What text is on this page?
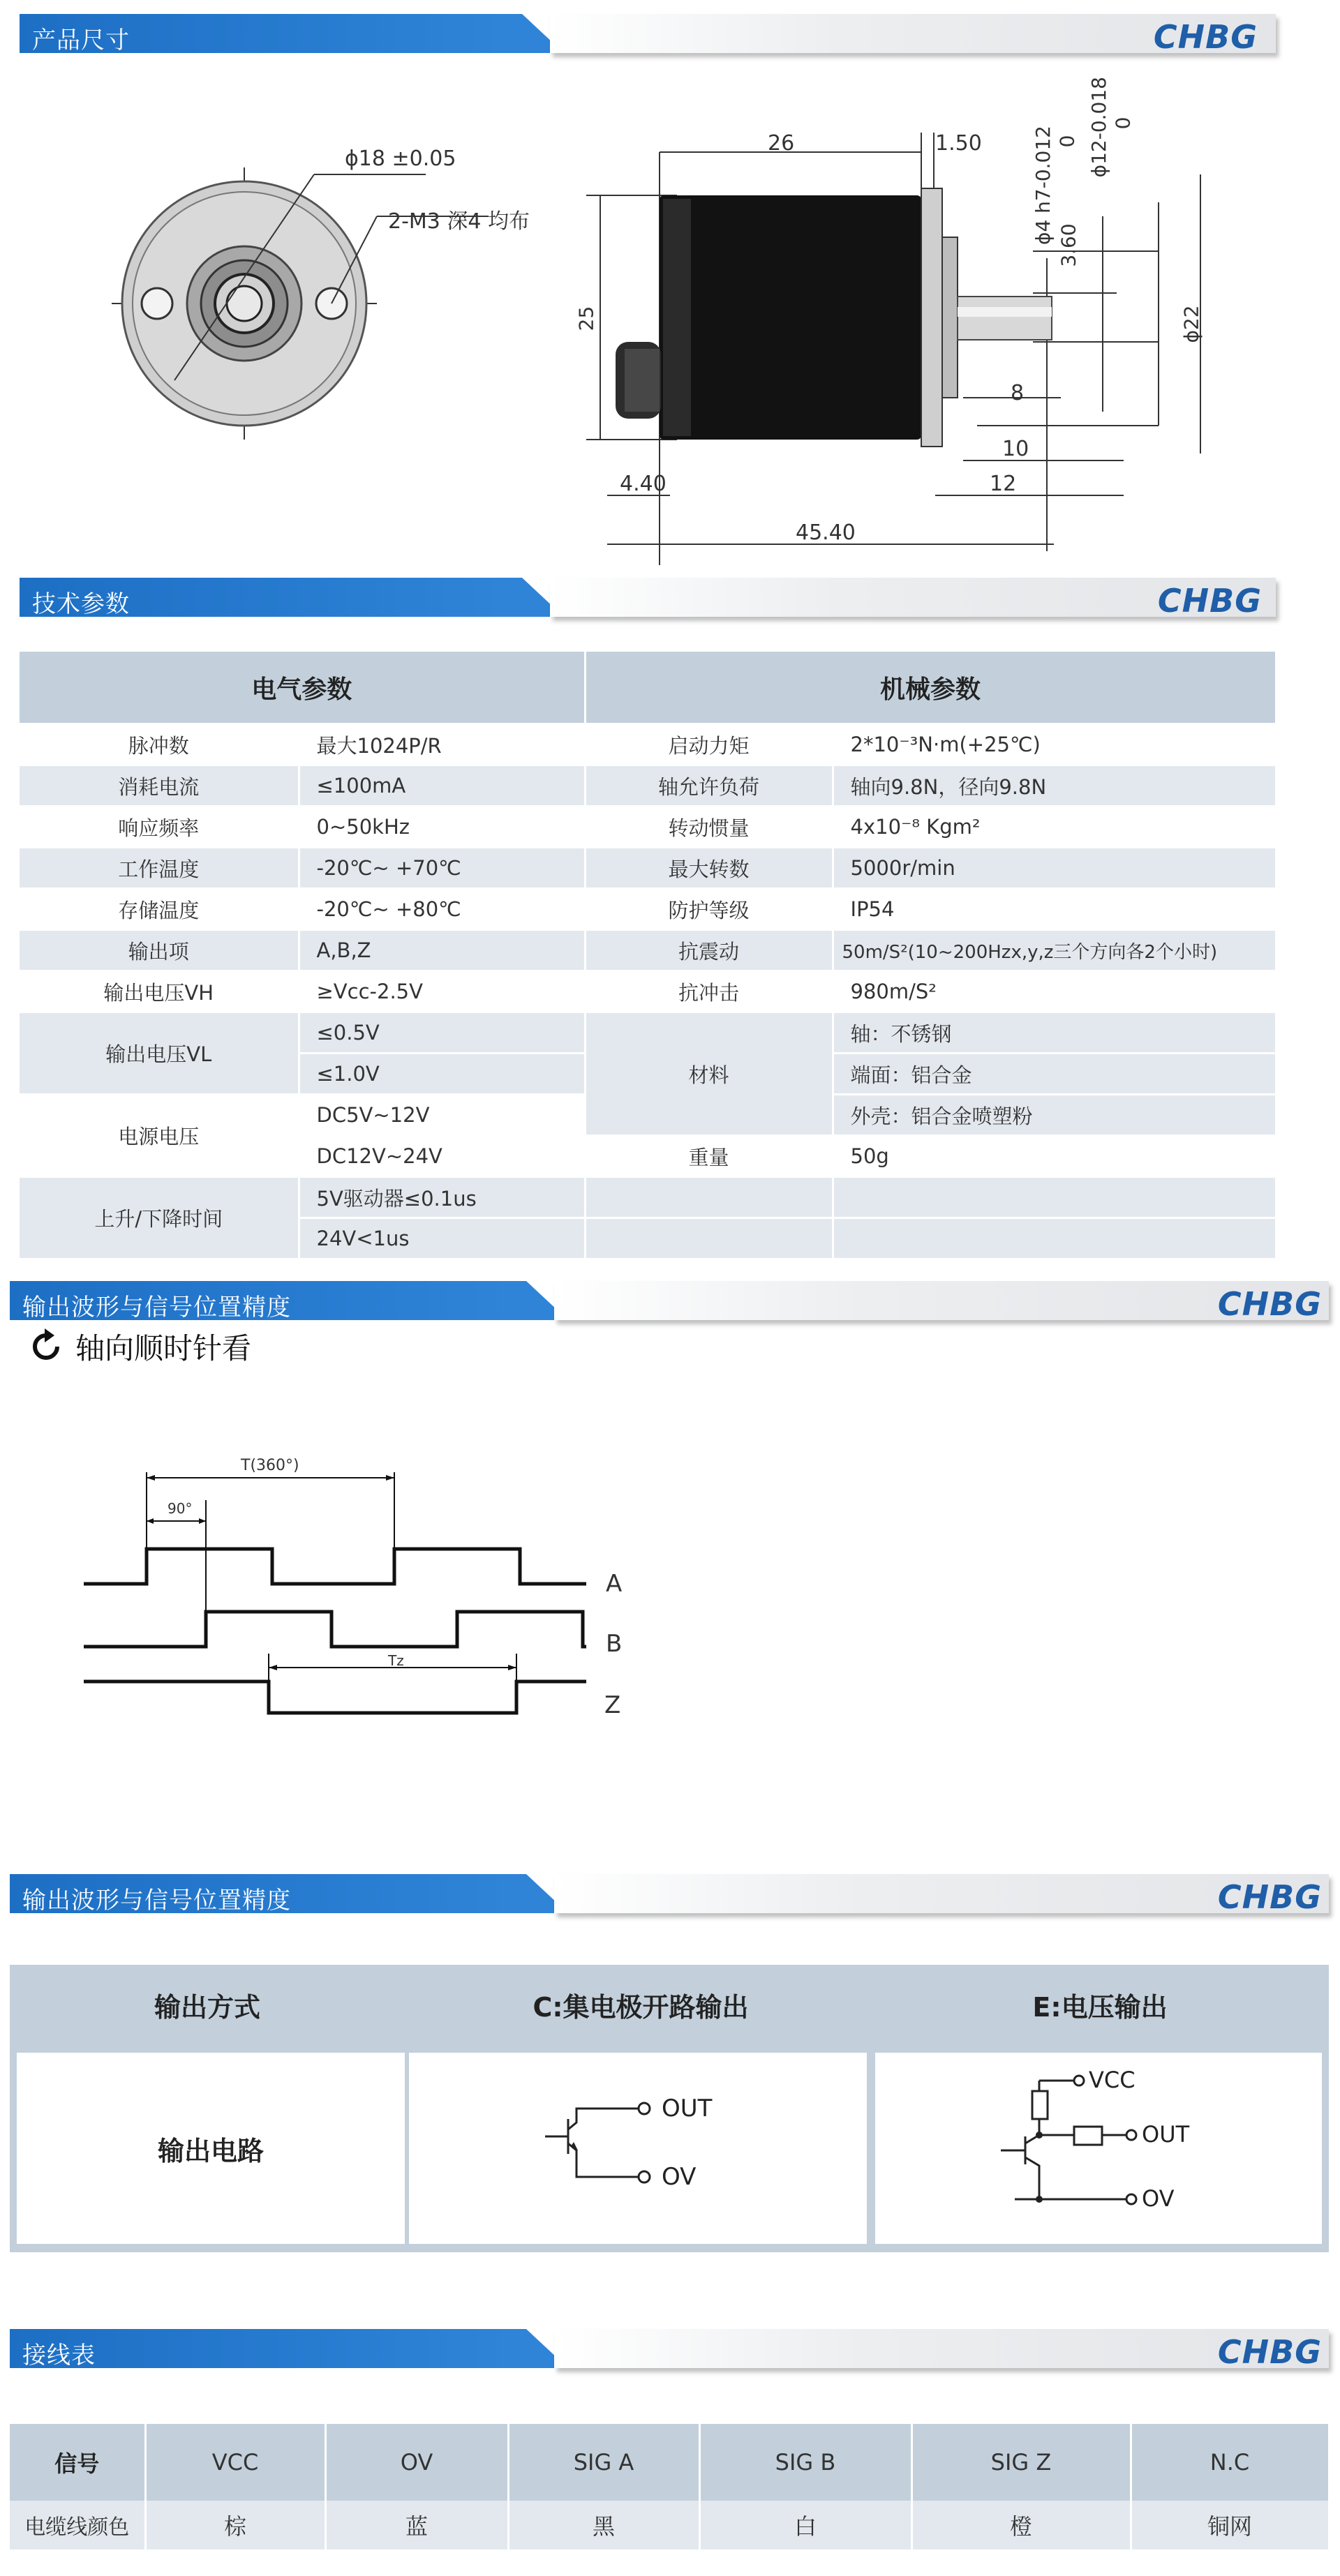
产品尺寸	CHBG
ϕ18 ±0.05
2-M3 深4 均布
26	1.50	0
ϕ4 h7-0.012
0
ϕ12-0.018
3.60
ϕ22
25
8
10
12
4.40
45.40
技术参数	CHBG
电气参数		机械参数	
脉冲数	最大1024P/R	启动力矩	2*10⁻³N·m(+25℃)
消耗电流	≤100mA	轴允许负荷	轴向9.8N，径向9.8N
响应频率	0~50kHz	转动惯量	4x10⁻⁸ Kgm²
工作温度	-20℃~ +70℃	最大转数	5000r/min
存储温度	-20℃~ +80℃	防护等级	IP54
输出项	A,B,Z	抗震动	50m/S²(10~200Hzx,y,z三个方向各2个小时)
输出电压VH	≥Vcc-2.5V	抗冲击	980m/S²
输出电压VL	≤0.5V	材料	轴：不锈钢
	≤1.0V		端面：铝合金
电源电压	DC5V~12V		外壳：铝合金喷塑粉
	DC12V~24V	重量	50g
上升/下降时间	5V驱动器≤0.1us		
	24V<1us		
输出波形与信号位置精度	CHBG
轴向顺时针看
T(360°)
90°
Tz
A
B
Z
输出波形与信号位置精度	CHBG
输出方式	C:集电极开路输出	E:电压输出
输出电路
OUT
OV
VCC
OUT
OV
接线表	CHBG
信号	VCC	OV	SIG A	SIG B	SIG Z	N.C
电缆线颜色	棕	蓝	黑	白	橙	铜网
